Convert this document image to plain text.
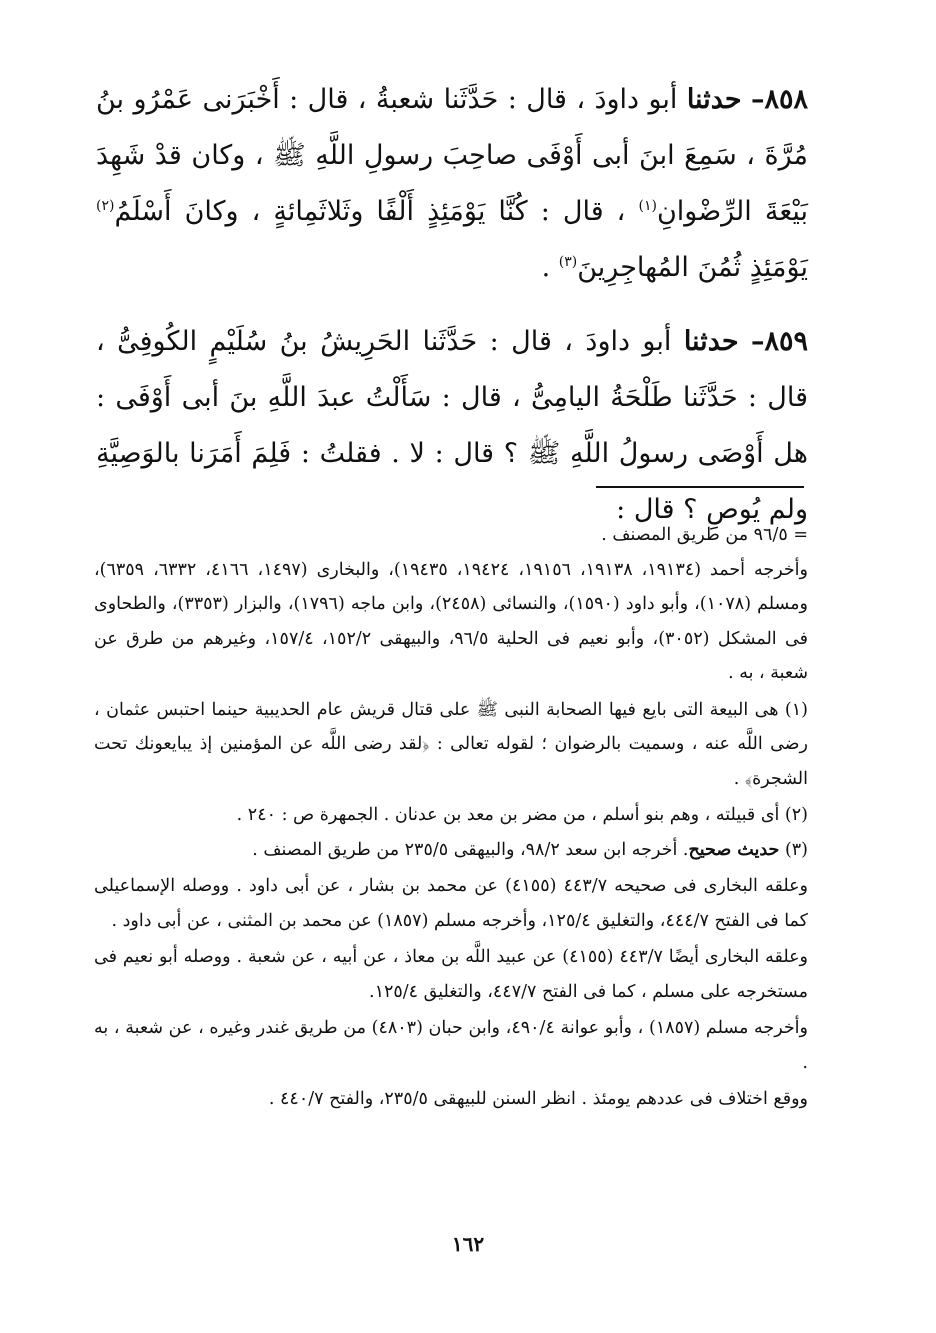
٨٥٨– حدثنا أبو داودَ ، قال : حَدَّثَنا شعبةُ ، قال : أَخْبَرَنى عَمْرُو بنُ مُرَّةَ ، سَمِعَ ابنَ أبى أَوْفَى صاحِبَ رسولِ اللَّهِ ﷺ ، وكان قدْ شَهِدَ بَيْعَةَ الرِّضْوانِ$^{(١)}$ ، قال : كُنَّا يَوْمَئِذٍ أَلْفًا وثَلاثَمِائةٍ ، وكانَ أَسْلَمُ$^{(٢)}$ يَوْمَئِذٍ ثُمُنَ المُهاجِرِينَ$^{(٣)}$ .

٨٥٩– حدثنا أبو داودَ ، قال : حَدَّثَنا الحَرِيشُ بنُ سُلَيْمٍ الكُوفِىُّ ، قال : حَدَّثَنا طَلْحَةُ اليامِىُّ ، قال : سَأَلْتُ عبدَ اللَّهِ بنَ أبى أَوْفَى : هل أَوْصَى رسولُ اللَّهِ ﷺ ؟ قال : لا . فقلتُ : فَلِمَ أَمَرَنا بالوَصِيَّةِ ولم يُوصِ ؟ قال :

= ٩٦/٥ من طريق المصنف .

وأخرجه أحمد (١٩١٣٤، ١٩١٣٨، ١٩١٥٦، ١٩٤٢٤، ١٩٤٣٥)، والبخارى (١٤٩٧، ٤١٦٦، ٦٣٣٢، ٦٣٥٩)، ومسلم (١٠٧٨)، وأبو داود (١٥٩٠)، والنسائى (٢٤٥٨)، وابن ماجه (١٧٩٦)، والبزار (٣٣٥٣)، والطحاوى فى المشكل (٣٠٥٢)، وأبو نعيم فى الحلية ٩٦/٥، والبيهقى ١٥٢/٢، ١٥٧/٤، وغيرهم من طرق عن شعبة ، به .

(١) هى البيعة التى بايع فيها الصحابة النبى ﷺ على قتال قريش عام الحديبية حينما احتبس عثمان ، رضى اللَّه عنه ، وسميت بالرضوان ؛ لقوله تعالى : ﴿لقد رضى اللَّه عن المؤمنين إذ يبايعونك تحت الشجرة﴾ .

(٢) أى قبيلته ، وهم بنو أسلم ، من مضر بن معد بن عدنان . الجمهرة ص : ٢٤٠ .

(٣) حديث صحيح. أخرجه ابن سعد ٩٨/٢، والبيهقى ٢٣٥/٥ من طريق المصنف .

وعلقه البخارى فى صحيحه ٤٤٣/٧ (٤١٥٥) عن محمد بن بشار ، عن أبى داود . ووصله الإسماعيلى كما فى الفتح ٤٤٤/٧، والتغليق ١٢٥/٤، وأخرجه مسلم (١٨٥٧) عن محمد بن المثنى ، عن أبى داود .

وعلقه البخارى أيضًا ٤٤٣/٧ (٤١٥٥) عن عبيد اللَّه بن معاذ ، عن أبيه ، عن شعبة . ووصله أبو نعيم فى مستخرجه على مسلم ، كما فى الفتح ٤٤٧/٧، والتغليق ١٢٥/٤.

وأخرجه مسلم (١٨٥٧) ، وأبو عوانة ٤٩٠/٤، وابن حبان (٤٨٠٣) من طريق غندر وغيره ، عن شعبة ، به .

ووقع اختلاف فى عددهم يومئذ . انظر السنن للبيهقى ٢٣٥/٥، والفتح ٤٤٠/٧ .

١٦٢
